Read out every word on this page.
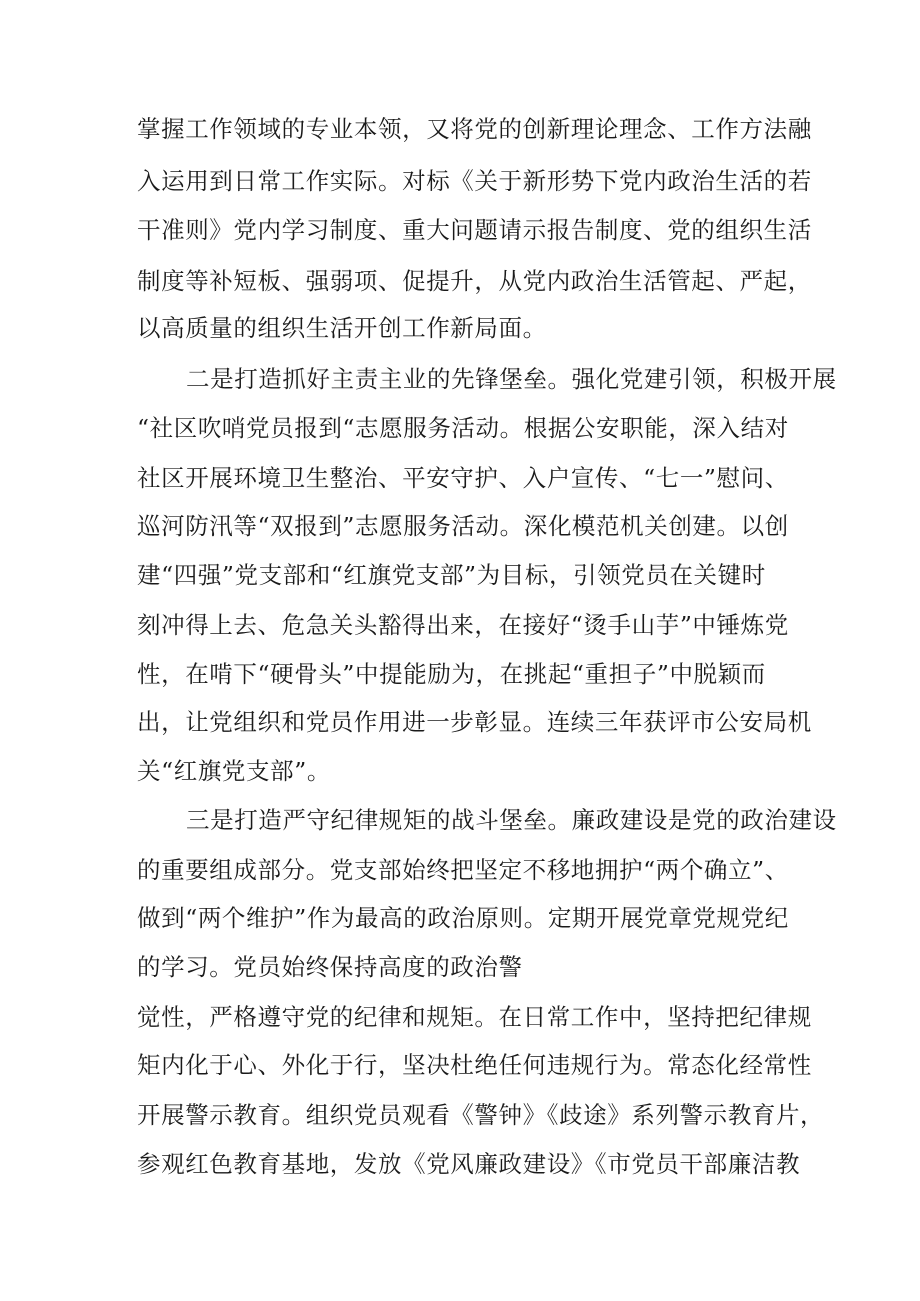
掌握工作领域的专业本领，又将党的创新理论理念、工作方法融
入运用到日常工作实际。对标《关于新形势下党内政治生活的若
干准则》党内学习制度、重大问题请示报告制度、党的组织生活
制度等补短板、强弱项、促提升，从党内政治生活管起、严起，
以高质量的组织生活开创工作新局面。
二是打造抓好主责主业的先锋堡垒。强化党建引领，积极开展
“社区吹哨党员报到“志愿服务活动。根据公安职能，深入结对
社区开展环境卫生整治、平安守护、入户宣传、“七一”慰问、
巡河防汛等“双报到”志愿服务活动。深化模范机关创建。以创
建“四强”党支部和“红旗党支部”为目标，引领党员在关键时
刻冲得上去、危急关头豁得出来，在接好“烫手山芋”中锤炼党
性，在啃下“硬骨头”中提能励为，在挑起“重担子”中脱颖而
出，让党组织和党员作用进一步彰显。连续三年获评市公安局机
关“红旗党支部”。
三是打造严守纪律规矩的战斗堡垒。廉政建设是党的政治建设
的重要组成部分。党支部始终把坚定不移地拥护“两个确立”、
做到“两个维护”作为最高的政治原则。定期开展党章党规党纪
的学习。党员始终保持高度的政治警
觉性，严格遵守党的纪律和规矩。在日常工作中，坚持把纪律规
矩内化于心、外化于行，坚决杜绝任何违规行为。常态化经常性
开展警示教育。组织党员观看《警钟》《歧途》系列警示教育片，
参观红色教育基地，发放《党风廉政建设》《市党员干部廉洁教
